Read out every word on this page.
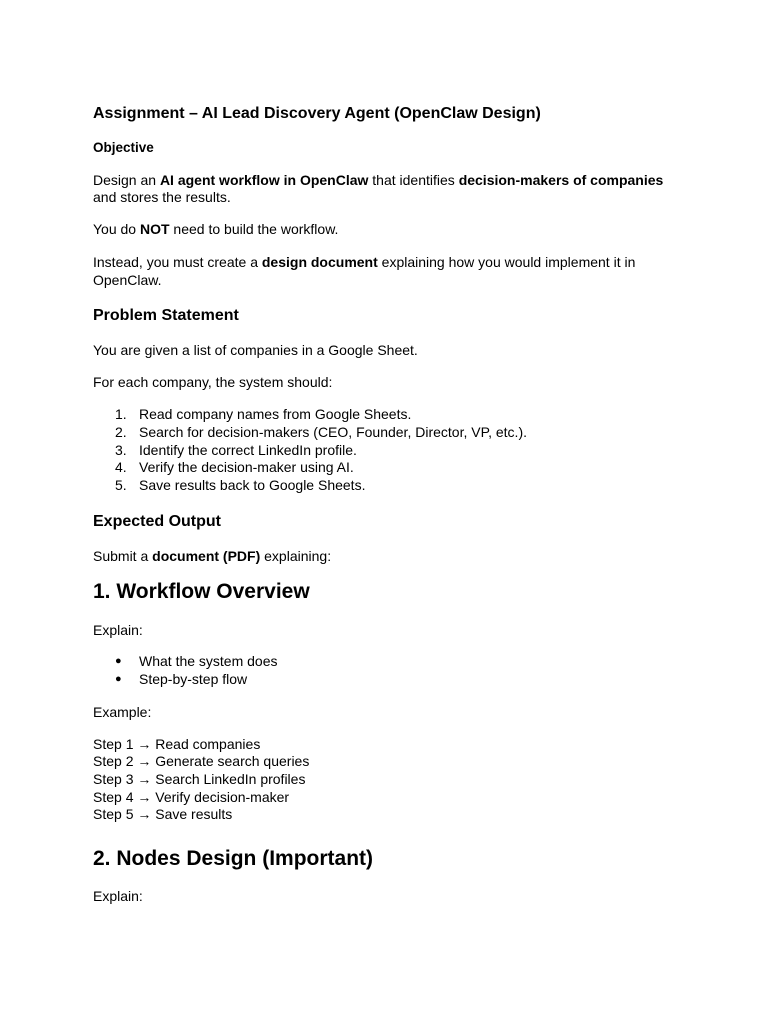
Assignment – AI Lead Discovery Agent (OpenClaw Design)
Objective

Design an AI agent workflow in OpenClaw that identifies decision-makers of companies

and stores the results.

You do NOT need to build the workflow.

Instead, you must create a design document explaining how you would implement it in

OpenClaw.

Problem Statement

You are given a list of companies in a Google Sheet.

For each company, the system should:

1. Read company names from Google Sheets.
2. Search for decision-makers (CEO, Founder, Director, VP, etc.).
3. Identify the correct LinkedIn profile.
4. Verify the decision-maker using AI.
5. Save results back to Google Sheets.
Expected Output

Submit a document (PDF) explaining:

1. Workflow Overview

Explain:

● What the system does
● Step-by-step flow

Example:

Step 1 → Read companies

Step 2 → Generate search queries

Step 3 → Search LinkedIn profiles

Step 4 → Verify decision-maker

Step 5 → Save results

2. Nodes Design (Important)

Explain:
